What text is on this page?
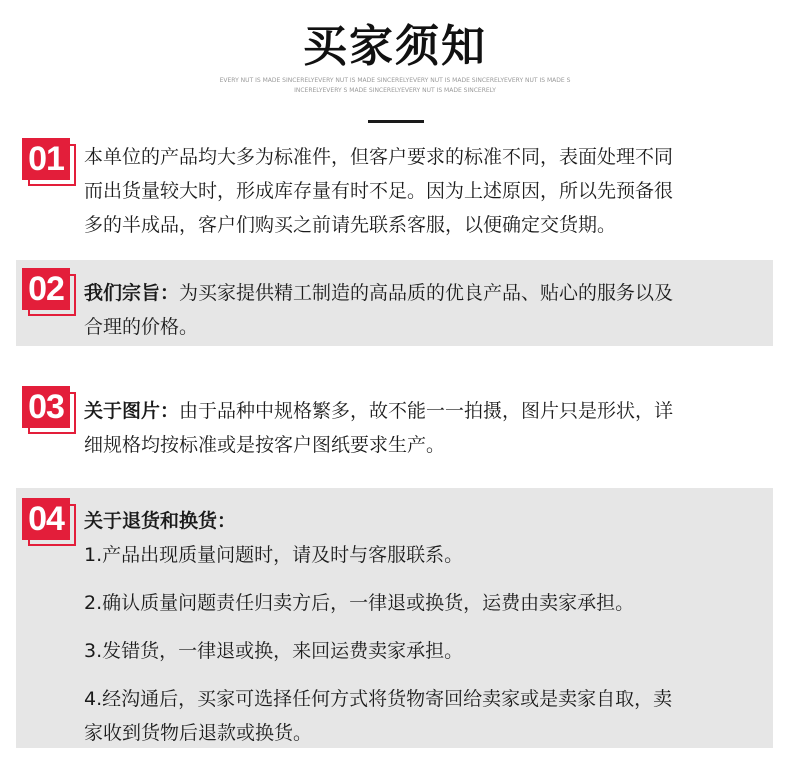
买家须知
EVERY NUT IS MADE SINCERELYEVERY NUT IS MADE SINCERELYEVERY NUT IS MADE SINCERELYEVERY NUT IS MADE S
INCERELYEVERY S MADE SINCERELYEVERY NUT IS MADE SINCERELY
01	本单位的产品均大多为标准件，但客户要求的标准不同，表面处理不同
而出货量较大时，形成库存量有时不足。因为上述原因，所以先预备很
多的半成品，客户们购买之前请先联系客服，以便确定交货期。
02	我们宗旨：为买家提供精工制造的高品质的优良产品、贴心的服务以及
合理的价格。
03	关于图片：由于品种中规格繁多，故不能一一拍摄，图片只是形状，详
细规格均按标准或是按客户图纸要求生产。
04	关于退货和换货：
1.产品出现质量问题时，请及时与客服联系。
2.确认质量问题责任归卖方后，一律退或换货，运费由卖家承担。
3.发错货，一律退或换，来回运费卖家承担。
4.经沟通后，买家可选择任何方式将货物寄回给卖家或是卖家自取，卖
家收到货物后退款或换货。
